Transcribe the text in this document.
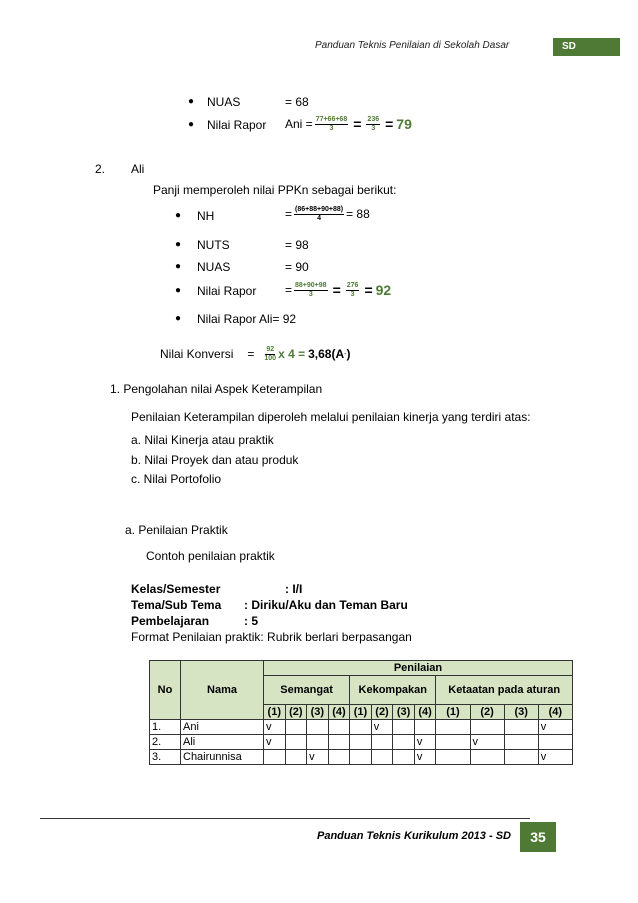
Panduan Teknis Penilaian di Sekolah Dasar	SD
● NUAS	= 68
● Nilai Rapor Ani = $\frac{77+66+68}{3} = \frac{236}{3} = 79$
2. Ali
Panji memperoleh nilai PPKn sebagai berikut:
● NH	= $\frac{(86+88+90+88)}{4} = 88$
● NUTS	= 98
● NUAS	= 90
● Nilai Rapor = $\frac{88+90+98}{3} = \frac{276}{3} = 92$
● Nilai Rapor Ali= 92
Nilai Konversi = $\frac{92}{100}$ x 4 = 3,68(A - )
1. Pengolahan nilai Aspek Keterampilan
Penilaian Keterampilan diperoleh melalui penilaian kinerja yang terdiri atas:
a. Nilai Kinerja atau praktik
b. Nilai Proyek dan atau produk
c. Nilai Portofolio
a. Penilaian Praktik
Contoh penilaian praktik
Kelas/Semester	: I/I
Tema/Sub Tema : Diriku/Aku dan Teman Baru
Pembelajaran	: 5
Format Penilaian praktik: Rubrik berlari berpasangan
No	Nama	Penilaian											
		Semangat				Kekompakan				Ketaatan pada aturan			
		(1)	(2)	(3)	(4)	(1)	(2)	(3)	(4)	(1)	(2)	(3)	(4)
1.	Ani	v					v						v
2.	Ali	v							v		v		
3.	Chairunnisa			v					v				v
Panduan Teknis Kurikulum 2013 - SD	35
